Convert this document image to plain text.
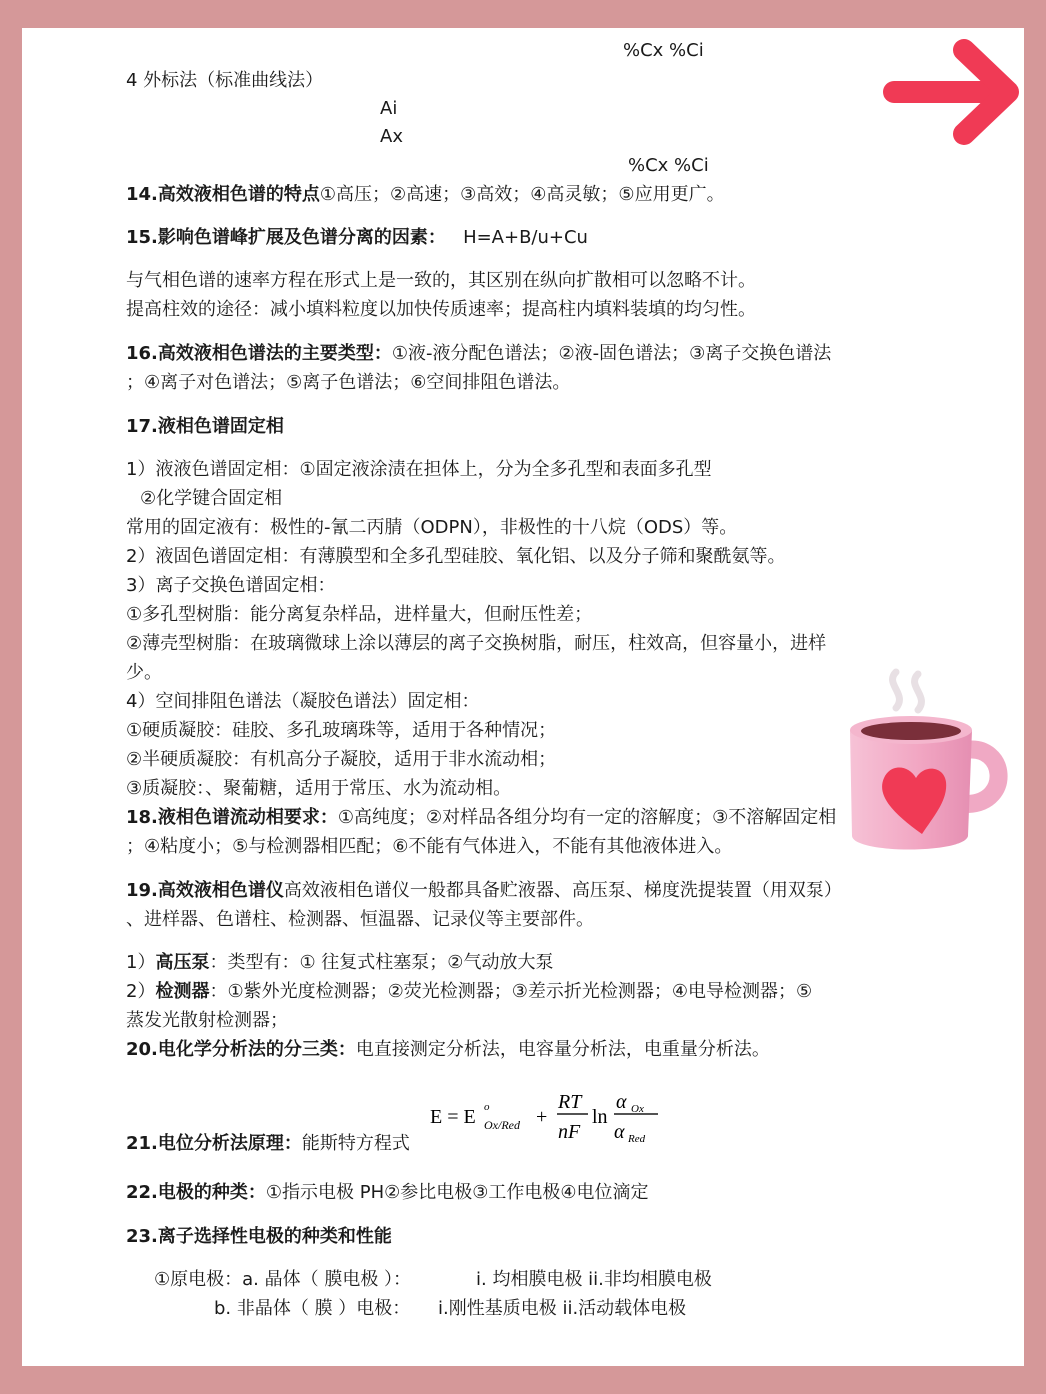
%Cx %Ci
4 外标法（标准曲线法）
Ai
Ax
%Cx %Ci
14.高效液相色谱的特点①高压；②高速；③高效；④高灵敏；⑤应用更广。
15.影响色谱峰扩展及色谱分离的因素： H=A+B/u+Cu
与气相色谱的速率方程在形式上是一致的，其区别在纵向扩散相可以忽略不计。
提高柱效的途径：减小填料粒度以加快传质速率；提高柱内填料装填的均匀性。
16.高效液相色谱法的主要类型：①液-液分配色谱法；②液-固色谱法；③离子交换色谱法
；④离子对色谱法；⑤离子色谱法；⑥空间排阻色谱法。
17.液相色谱固定相
1）液液色谱固定相：①固定液涂渍在担体上，分为全多孔型和表面多孔型
②化学键合固定相
常用的固定液有：极性的-氰二丙腈（ODPN），非极性的十八烷（ODS）等。
2）液固色谱固定相：有薄膜型和全多孔型硅胶、氧化铝、以及分子筛和聚酰氨等。
3）离子交换色谱固定相：
①多孔型树脂：能分离复杂样品，进样量大，但耐压性差；
②薄壳型树脂：在玻璃微球上涂以薄层的离子交换树脂，耐压，柱效高，但容量小，进样
少。
4）空间排阻色谱法（凝胶色谱法）固定相：
①硬质凝胶：硅胶、多孔玻璃珠等，适用于各种情况；
②半硬质凝胶：有机高分子凝胶，适用于非水流动相；
③质凝胶：、聚葡糖，适用于常压、水为流动相。
18.液相色谱流动相要求：①高纯度；②对样品各组分均有一定的溶解度；③不溶解固定相
；④粘度小；⑤与检测器相匹配；⑥不能有气体进入，不能有其他液体进入。
19.高效液相色谱仪高效液相色谱仪一般都具备贮液器、高压泵、梯度洗提装置（用双泵）
、进样器、色谱柱、检测器、恒温器、记录仪等主要部件。
1）高压泵：类型有：① 往复式柱塞泵；②气动放大泵
2）检测器：①紫外光度检测器；②荧光检测器；③差示折光检测器；④电导检测器；⑤
蒸发光散射检测器；
20.电化学分析法的分三类：电直接测定分析法，电容量分析法，电重量分析法。
21.电位分析法原理：能斯特方程式
E = E o
Ox/Red +
RT
nF
ln
α Ox
α Red
22.电极的种类：①指示电极 PH②参比电极③工作电极④电位滴定
23.离子选择性电极的种类和性能
①原电极：a. 晶体（ 膜电极 ）：	i. 均相膜电极 ii.非均相膜电极
b. 非晶体（ 膜 ）电极： i.刚性基质电极 ii.活动载体电极
